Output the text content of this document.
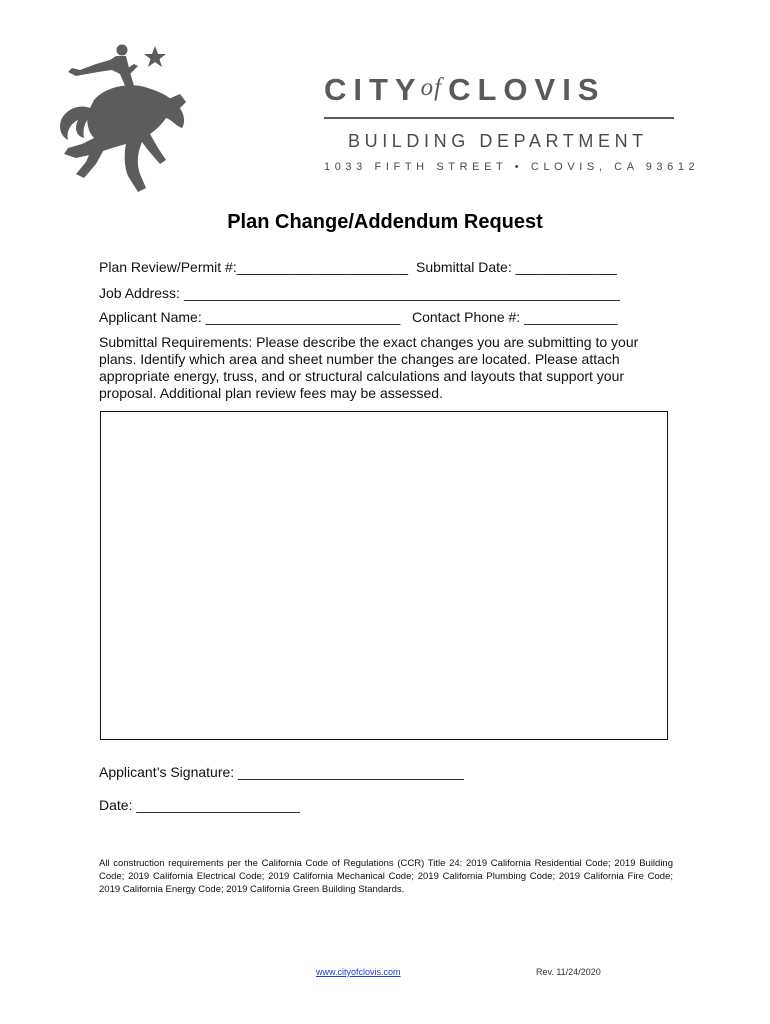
CITY
of CLOVIS
BUILDING DEPARTMENT
1033 FIFTH STREET • CLOVIS, CA 93612
Plan Change/Addendum Request
Plan Review/Permit #:______________________ Submittal Date: _____________
Job Address: ________________________________________________________
Applicant Name: _________________________ Contact Phone #: ____________
Submittal Requirements: Please describe the exact changes you are submitting to your plans. Identify which area and sheet number the changes are located. Please attach appropriate energy, truss, and or structural calculations and layouts that support your proposal. Additional plan review fees may be assessed.
Applicant’s Signature: _____________________________
Date: _____________________
All construction requirements per the California Code of Regulations (CCR) Title 24: 2019 California Residential Code; 2019 Building Code; 2019 California Electrical Code; 2019 California Mechanical Code; 2019 California Plumbing Code; 2019 California Fire Code; 2019 California Energy Code; 2019 California Green Building Standards.
www.cityofclovis.com	Rev. 11/24/2020
